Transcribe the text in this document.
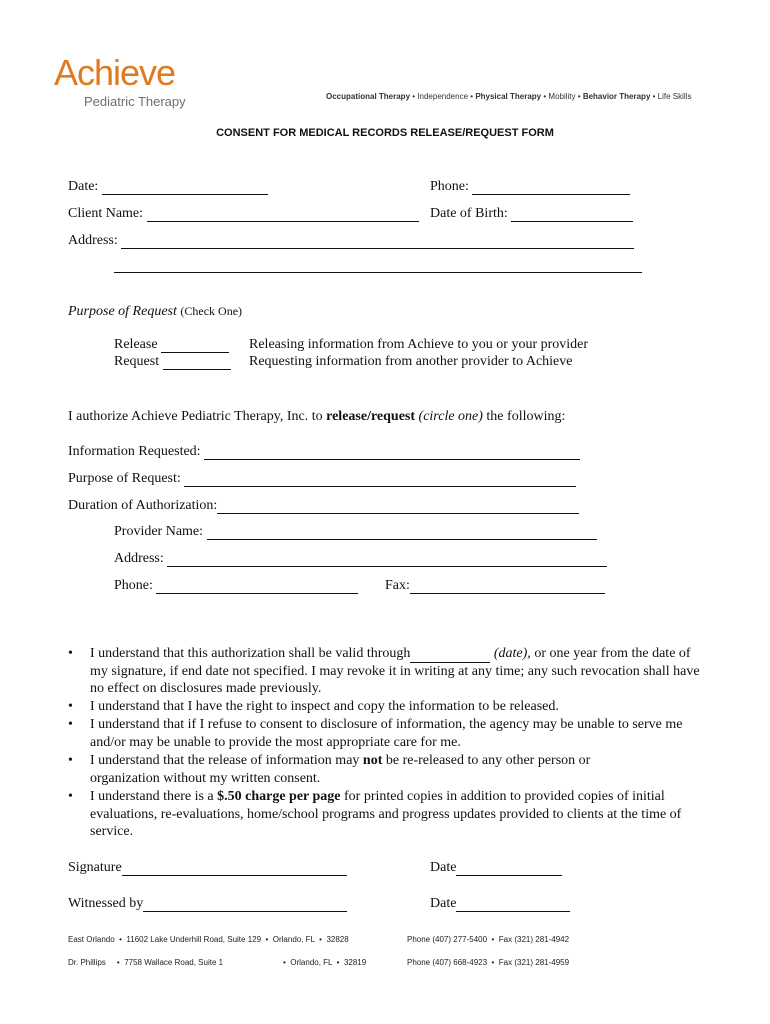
Achieve
Pediatric Therapy	Occupational Therapy • Independence • Physical Therapy • Mobility • Behavior Therapy • Life Skills
CONSENT FOR MEDICAL RECORDS RELEASE/REQUEST FORM
Date:	Phone:
Client Name:	Date of Birth:
Address:
Purpose of Request (Check One)
Release	Releasing information from Achieve to you or your provider
Request	Requesting information from another provider to Achieve
I authorize Achieve Pediatric Therapy, Inc. to release/request (circle one) the following:
Information Requested:
Purpose of Request:
Duration of Authorization:
Provider Name:
Address:
Phone:	Fax:
• I understand that this authorization shall be valid through	(date), or one year from the date of my signature, if end date not specified. I may revoke it in writing at any time; any such revocation shall have no effect on disclosures made previously.
• I understand that I have the right to inspect and copy the information to be released.
• I understand that if I refuse to consent to disclosure of information, the agency may be unable to serve me and/or may be unable to provide the most appropriate care for me.
• I understand that the release of information may not be re-released to any other person or organization without my written consent.
• I understand there is a $.50 charge per page for printed copies in addition to provided copies of initial evaluations, re-evaluations, home/school programs and progress updates provided to clients at the time of service.
Signature	Date
Witnessed by	Date
East Orlando • 11602 Lake Underhill Road, Suite 129 • Orlando, FL • 32828	Phone (407) 277-5400 • Fax (321) 281-4942
Dr. Phillips • 7758 Wallace Road, Suite 1	• Orlando, FL • 32819	Phone (407) 668-4923 • Fax (321) 281-4959
